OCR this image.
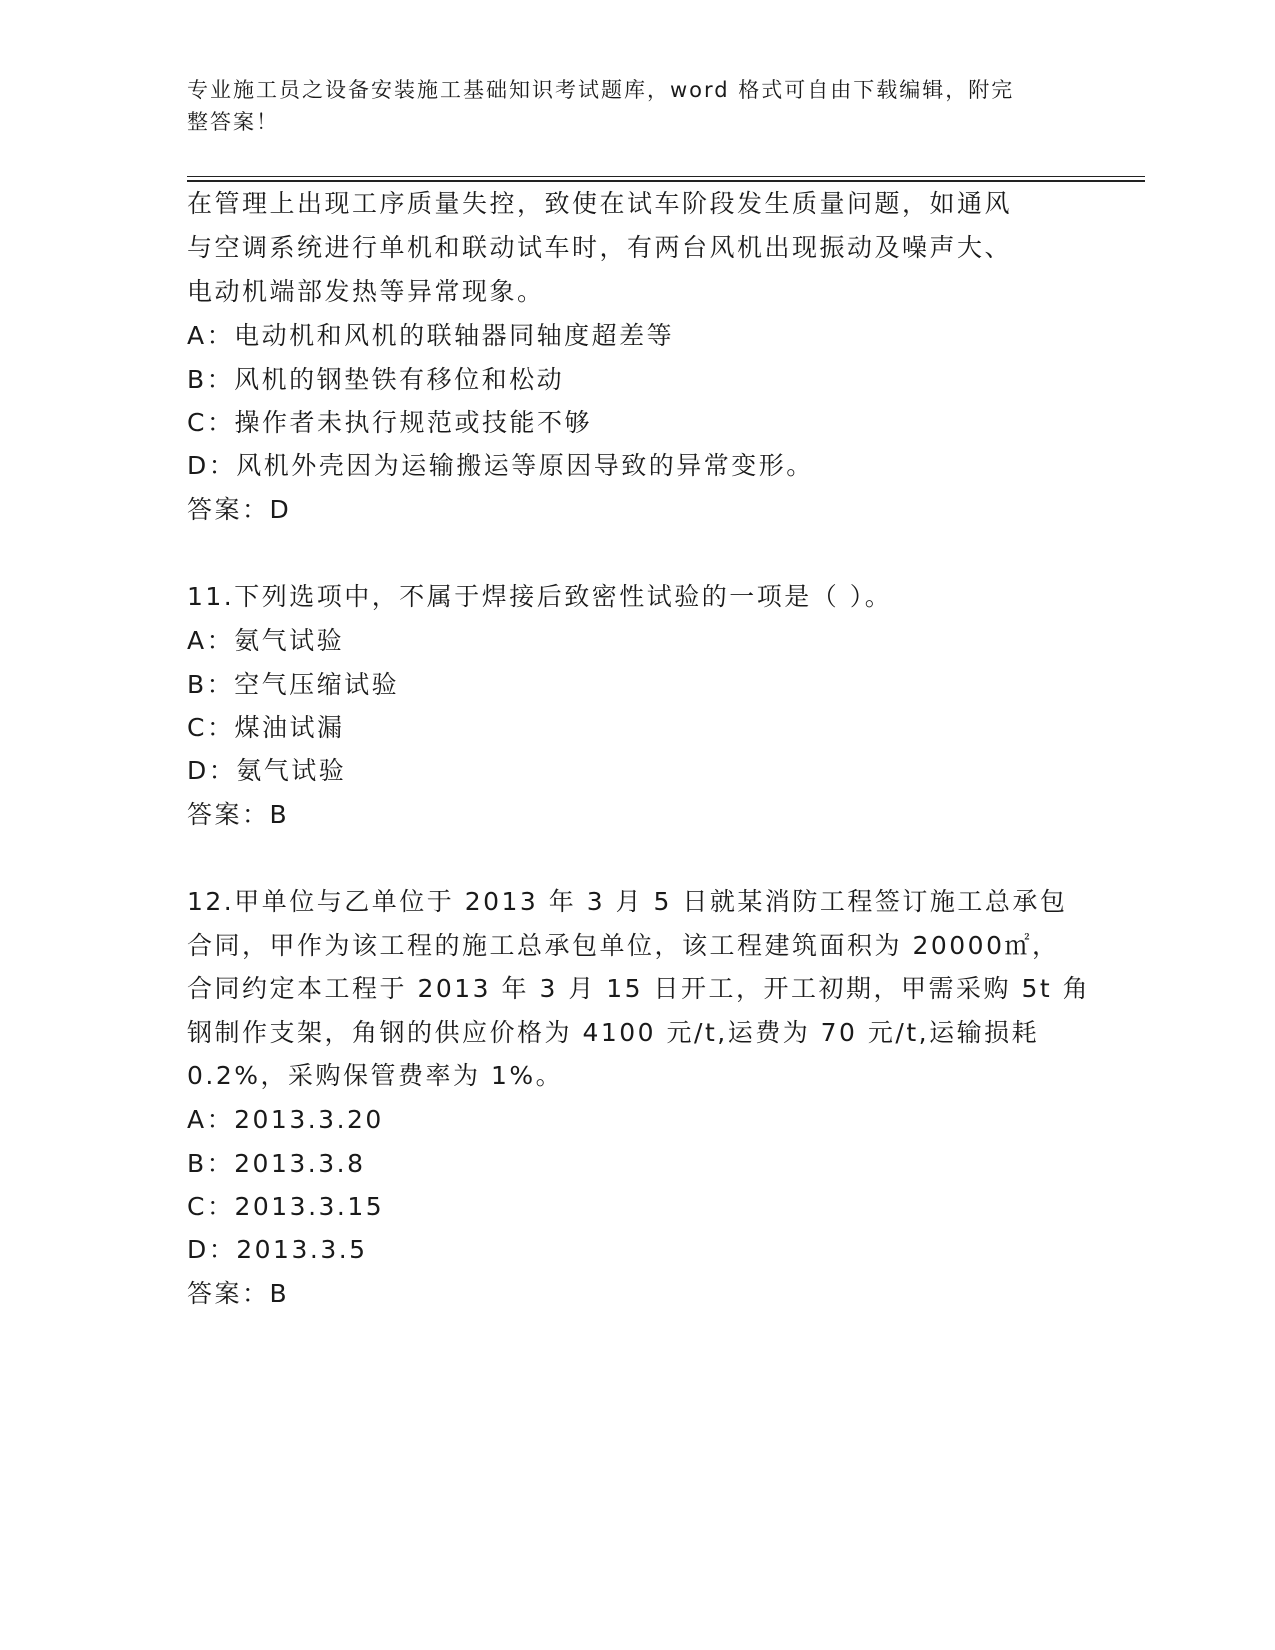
专业施工员之设备安装施工基础知识考试题库，word 格式可自由下载编辑，附完
整答案！
在管理上出现工序质量失控，致使在试车阶段发生质量问题，如通风
与空调系统进行单机和联动试车时，有两台风机出现振动及噪声大、
电动机端部发热等异常现象。
A：电动机和风机的联轴器同轴度超差等
B：风机的钢垫铁有移位和松动
C：操作者未执行规范或技能不够
D：风机外壳因为运输搬运等原因导致的异常变形。
答案：D
11.下列选项中，不属于焊接后致密性试验的一项是（ ）。
A：氨气试验
B：空气压缩试验
C：煤油试漏
D：氨气试验
答案：B
12.甲单位与乙单位于 2013 年 3 月 5 日就某消防工程签订施工总承包
合同，甲作为该工程的施工总承包单位，该工程建筑面积为 20000㎡，
合同约定本工程于 2013 年 3 月 15 日开工，开工初期，甲需采购 5t 角
钢制作支架，角钢的供应价格为 4100 元/t,运费为 70 元/t,运输损耗
0.2%，采购保管费率为 1%。
A：2013.3.20
B：2013.3.8
C：2013.3.15
D：2013.3.5
答案：B
